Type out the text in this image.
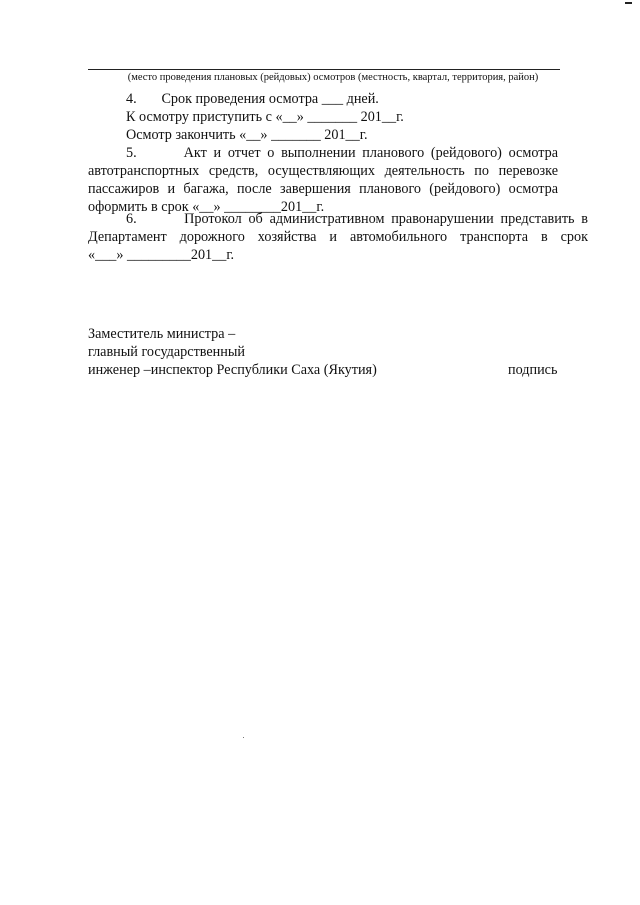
(место проведения плановых (рейдовых) осмотров (местность, квартал, территория, район)
4.       Срок проведения осмотра ___ дней.
К осмотру приступить с «__» _______ 201__г.
Осмотр закончить «__» _______ 201__г.
5.       Акт и отчет о выполнении планового (рейдового) осмотра
автотранспортных средств, осуществляющих деятельность по перевозке
пассажиров и багажа, после завершения планового (рейдового) осмотра
оформить в срок «__» ________201__г.
6.       Протокол об административном правонарушении представить в
Департамент дорожного хозяйства и автомобильного транспорта в срок
«___» _________201__г.
Заместитель министра –
главный государственный
инженер –инспектор Республики Саха (Якутия)	подпись
